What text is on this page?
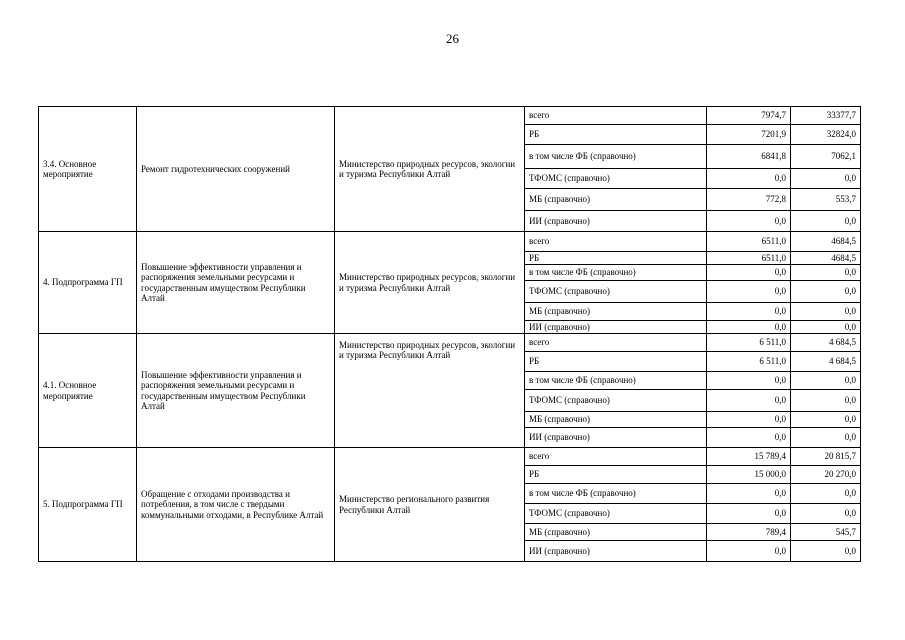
26
3.4. Основное мероприятие	Ремонт гидротехнических сооружений	Министерство природных ресурсов, экологии и туризма Республики Алтай	всего	7974,7	33377,7
			РБ	7201,9	32824,0
			в том числе ФБ (справочно)	6841,8	7062,1
			ТФОМС (справочно)	0,0	0,0
			МБ (справочно)	772,8	553,7
			ИИ (справочно)	0,0	0,0
4. Подпрограмма ГП	Повышение эффективности управления и распоряжения земельными ресурсами и государственным имуществом Республики Алтай	Министерство природных ресурсов, экологии и туризма Республики Алтай	всего	6511,0	4684,5
			РБ	6511,0	4684,5
			в том числе ФБ (справочно)	0,0	0,0
			ТФОМС (справочно)	0,0	0,0
			МБ (справочно)	0,0	0,0
			ИИ (справочно)	0,0	0,0
4.1. Основное мероприятие	Повышение эффективности управления и распоряжения земельными ресурсами и государственным имуществом Республики Алтай	Министерство природных ресурсов, экологии и туризма Республики Алтай	всего	6 511,0	4 684,5
			РБ	6 511,0	4 684,5
			в том числе ФБ (справочно)	0,0	0,0
			ТФОМС (справочно)	0,0	0,0
			МБ (справочно)	0,0	0,0
			ИИ (справочно)	0,0	0,0
5. Подпрограмма ГП	Обращение с отходами производства и потребления, в том числе с твердыми коммунальными отходами, в Республике Алтай	Министерство регионального развития Республики Алтай	всего	15 789,4	20 815,7
			РБ	15 000,0	20 270,0
			в том числе ФБ (справочно)	0,0	0,0
			ТФОМС (справочно)	0,0	0,0
			МБ (справочно)	789,4	545,7
			ИИ (справочно)	0,0	0,0
